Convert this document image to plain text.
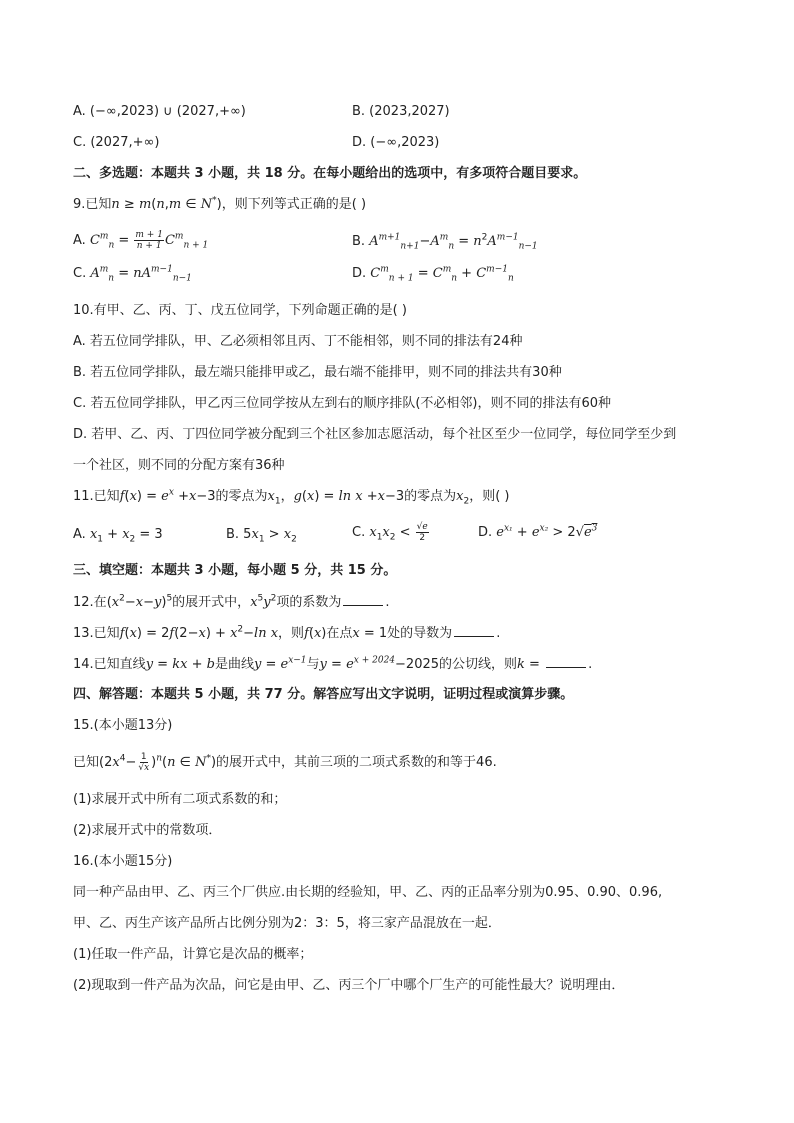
A. (−∞,2023) ∪ (2027,+∞)	B. (2023,2027)
C. (2027,+∞)	D. (−∞,2023)
二、多选题：本题共 3 小题，共 18 分。在每小题给出的选项中，有多项符合题目要求。
9.已知n ≥ m(n,m ∈ N*)，则下列等式正确的是( )
A. $C^m_n = \frac{m + 1}{n + 1} C^m_{n + 1}$	B. $A^{m+1}_{n+1}-A^m_n = n^2A^{m-1}_{n-1}$
C. $A^m_n = nA^{m-1}_{n-1}$	D. $C^m_{n + 1} = C^m_n + C^{m-1}_n$
10.有甲、乙、丙、丁、戊五位同学，下列命题正确的是( )
A. 若五位同学排队，甲、乙必须相邻且丙、丁不能相邻，则不同的排法有24种
B. 若五位同学排队，最左端只能排甲或乙，最右端不能排甲，则不同的排法共有30种
C. 若五位同学排队，甲乙丙三位同学按从左到右的顺序排队(不必相邻)，则不同的排法有60种
D. 若甲、乙、丙、丁四位同学被分配到三个社区参加志愿活动，每个社区至少一位同学，每位同学至少到
一个社区，则不同的分配方案有36种
11.已知$f(x) = e^x +x-3$的零点为$x_1$，g(x) = ln x +x−3的零点为$x_2$，则( )
A. $x_1 + x_2 = 3$	B. $5x_1 > x_2$	C. $x_1x_2 < \frac{√e}{2}$	D. $e^{x_1} + e^{x_2} > 2√e^3$
三、填空题：本题共 3 小题，每小题 5 分，共 15 分。
12.在$(x^2-x-y)^5$的展开式中，$x^5y^2$项的系数为	.
13.已知$f(x) = 2f(2-x) + x^2-\ln$ x，则f(x)在点x = 1处的导数为	.
14.已知直线y = kx + b是曲线$y = e^{x-1}$与$y = e^{x + 2024}-2025$的公切线，则k =	.
四、解答题：本题共 5 小题，共 77 分。解答应写出文字说明，证明过程或演算步骤。
15.(本小题13分)
已知$(2x^4- \frac{1}{√x} )^n(n$ ∈ N*)的展开式中，其前三项的二项式系数的和等于46.
(1)求展开式中所有二项式系数的和；
(2)求展开式中的常数项．
16.(本小题15分)
同一种产品由甲、乙、丙三个厂供应.由长期的经验知，甲、乙、丙的正品率分别为0.95、0.90、0.96,
甲、乙、丙生产该产品所占比例分别为2：3：5，将三家产品混放在一起．
(1)任取一件产品，计算它是次品的概率；
(2)现取到一件产品为次品，问它是由甲、乙、丙三个厂中哪个厂生产的可能性最大？说明理由．
